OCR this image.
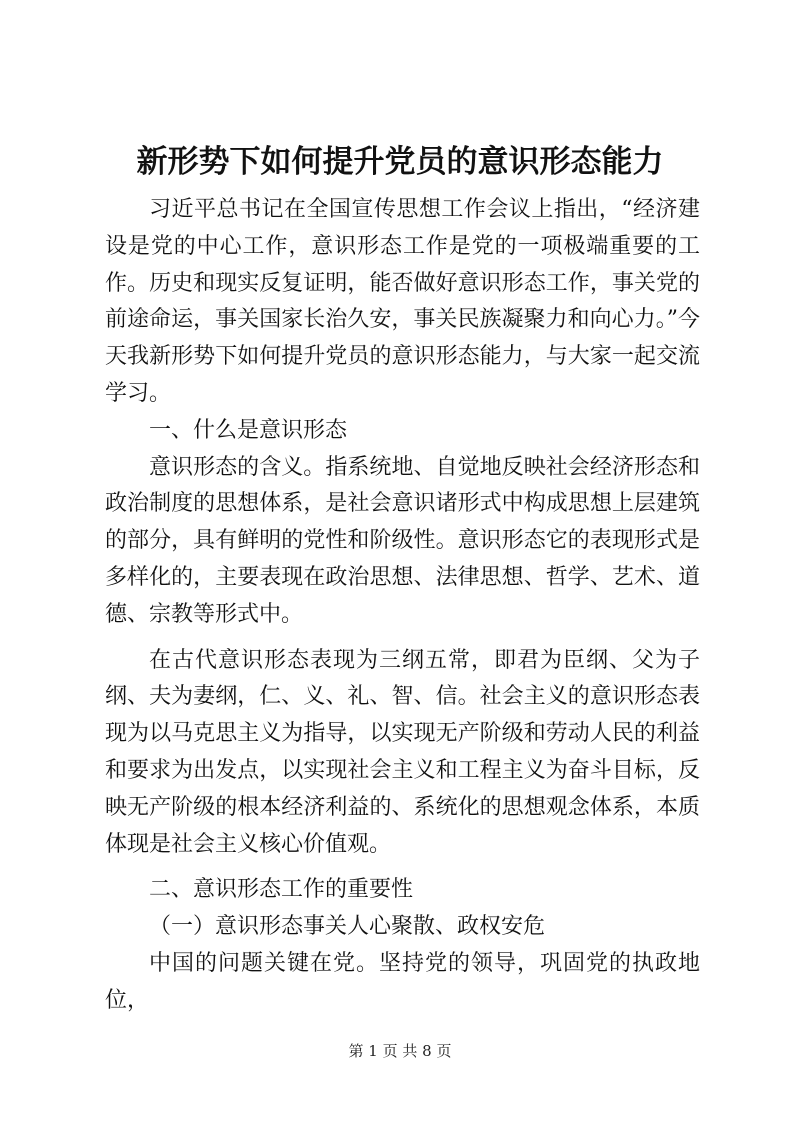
新形势下如何提升党员的意识形态能力

习近平总书记在全国宣传思想工作会议上指出，“经济建设是党的中心工作，意识形态工作是党的一项极端重要的工作。历史和现实反复证明，能否做好意识形态工作，事关党的前途命运，事关国家长治久安，事关民族凝聚力和向心力。”今天我新形势下如何提升党员的意识形态能力，与大家一起交流学习。

一、什么是意识形态

意识形态的含义。指系统地、自觉地反映社会经济形态和政治制度的思想体系，是社会意识诸形式中构成思想上层建筑的部分，具有鲜明的党性和阶级性。意识形态它的表现形式是多样化的，主要表现在政治思想、法律思想、哲学、艺术、道德、宗教等形式中。

在古代意识形态表现为三纲五常，即君为臣纲、父为子纲、夫为妻纲，仁、义、礼、智、信。社会主义的意识形态表现为以马克思主义为指导，以实现无产阶级和劳动人民的利益和要求为出发点，以实现社会主义和工程主义为奋斗目标，反映无产阶级的根本经济利益的、系统化的思想观念体系，本质体现是社会主义核心价值观。

二、意识形态工作的重要性

（一）意识形态事关人心聚散、政权安危

中国的问题关键在党。坚持党的领导，巩固党的执政地位，

第 1 页 共 8 页
